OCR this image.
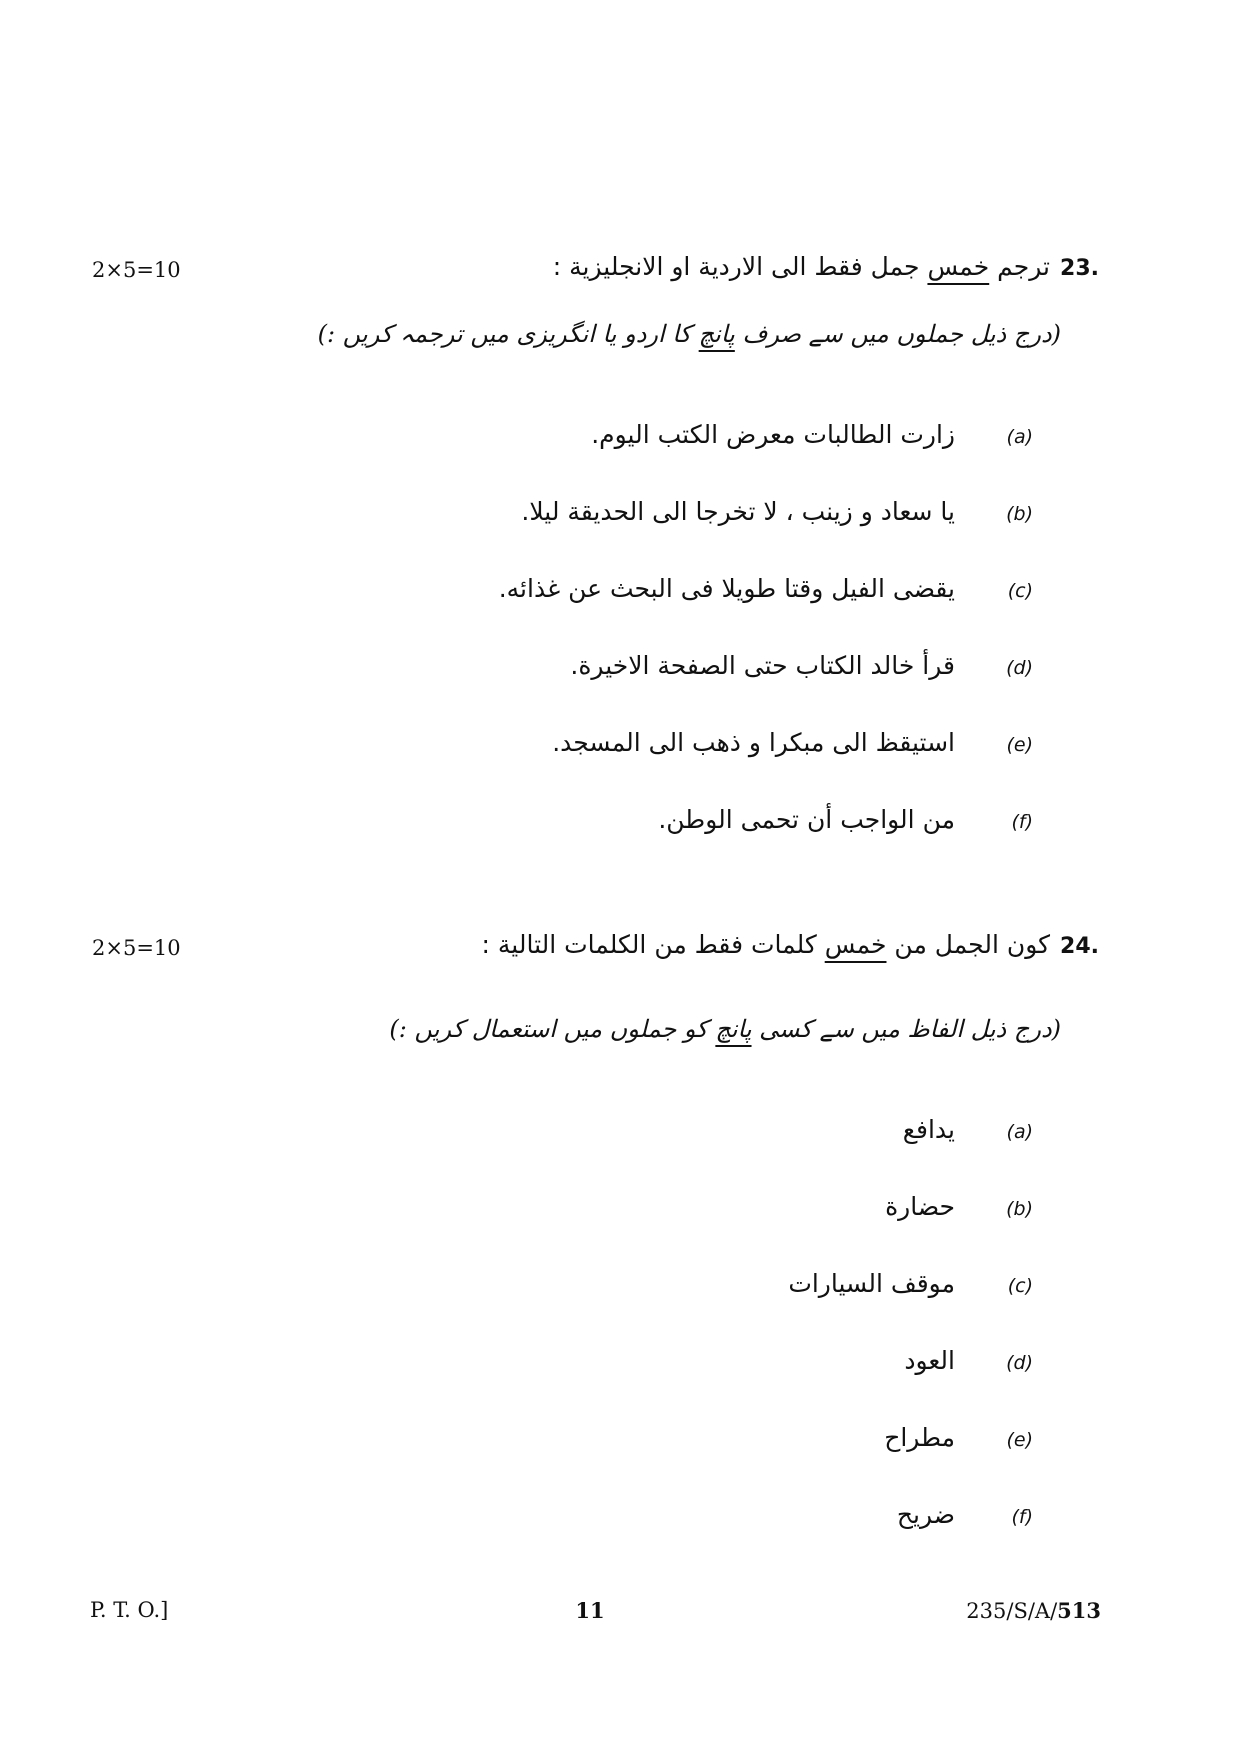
2×5=10	23.
ترجم خمس جمل فقط الى الاردية او الانجليزية :
(درج ذیل جملوں میں سے صرف پانچ کا اردو یا انگریزی میں ترجمہ کریں :)
(a)
زارت الطالبات معرض الكتب اليوم.
(b)
يا سعاد و زينب ، لا تخرجا الى الحديقة ليلا.
(c)
يقضى الفيل وقتا طويلا فى البحث عن غذائه.
(d)
قرأ خالد الكتاب حتى الصفحة الاخيرة.
(e)
استيقظ الى مبكرا و ذهب الى المسجد.
(f)
من الواجب أن تحمى الوطن.
2×5=10	24.
كون الجمل من خمس كلمات فقط من الكلمات التالية :
(درج ذیل الفاظ میں سے کسی پانچ کو جملوں میں استعمال کریں :)
(a)
يدافع
(b)
حضارة
(c)
موقف السيارات
(d)
العود
(e)
مطراح
(f)
ضريح
P. T. O.]	11	235/S/A/513
